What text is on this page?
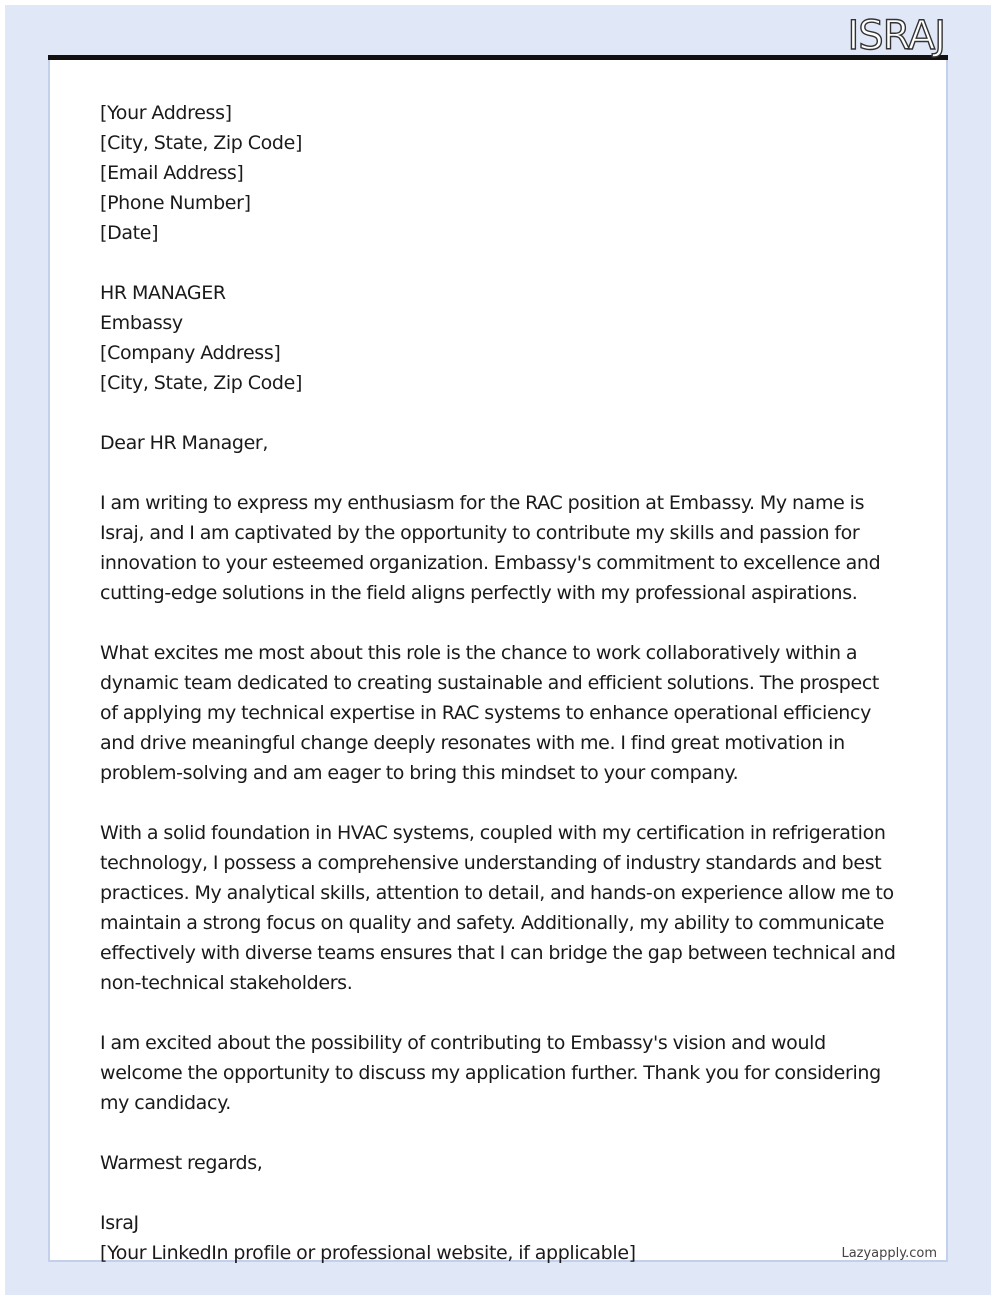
ISRAJ
[Your Address]
[City, State, Zip Code]
[Email Address]
[Phone Number]
[Date]
HR MANAGER
Embassy
[Company Address]
[City, State, Zip Code]

Dear HR Manager,

I am writing to express my enthusiasm for the RAC position at Embassy. My name is Israj, and I am captivated by the opportunity to contribute my skills and passion for innovation to your esteemed organization. Embassy's commitment to excellence and cutting-edge solutions in the field aligns perfectly with my professional aspirations.

What excites me most about this role is the chance to work collaboratively within a dynamic team dedicated to creating sustainable and efficient solutions. The prospect of applying my technical expertise in RAC systems to enhance operational efficiency and drive meaningful change deeply resonates with me. I find great motivation in problem-solving and am eager to bring this mindset to your company.

With a solid foundation in HVAC systems, coupled with my certification in refrigeration technology, I possess a comprehensive understanding of industry standards and best practices. My analytical skills, attention to detail, and hands-on experience allow me to maintain a strong focus on quality and safety. Additionally, my ability to communicate effectively with diverse teams ensures that I can bridge the gap between technical and non-technical stakeholders.

I am excited about the possibility of contributing to Embassy's vision and would welcome the opportunity to discuss my application further. Thank you for considering my candidacy.

Warmest regards,

IsraJ
[Your LinkedIn profile or professional website, if applicable]	Lazyapply.com
